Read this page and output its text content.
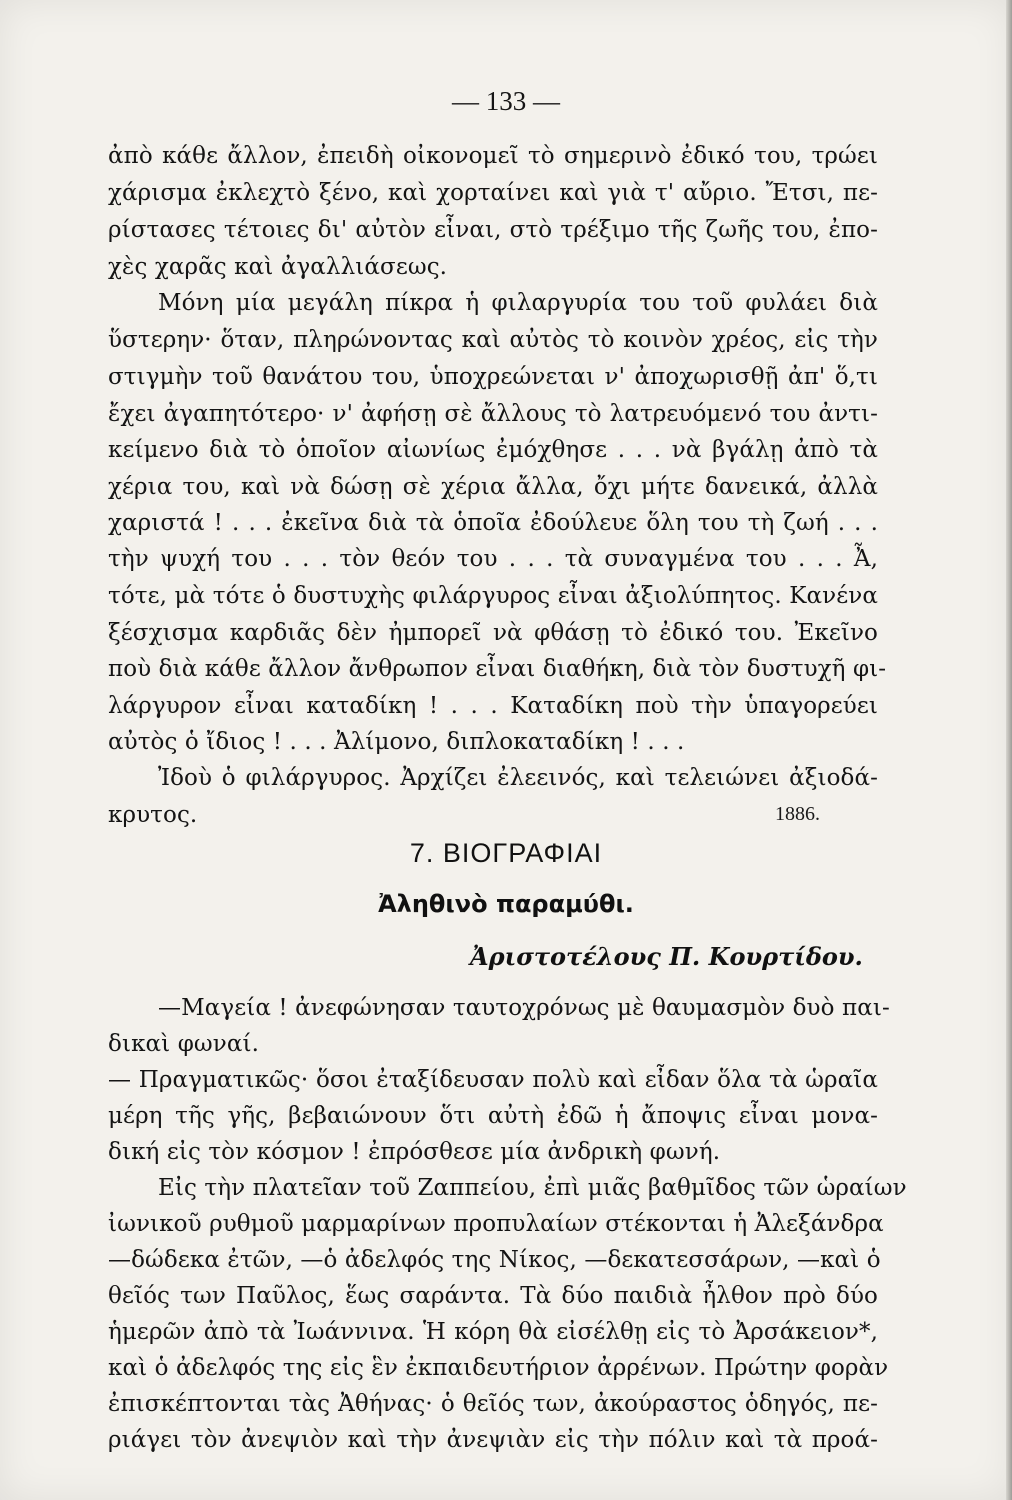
— 133 —
ἀπὸ κάθε ἄλλον, ἐπειδὴ οἰκονομεῖ τὸ σημερινὸ ἐδικό του, τρώει
χάρισμα ἐκλεχτὸ ξένο, καὶ χορταίνει καὶ γιὰ τ' αὔριο. Ἔτσι, πε-
ρίστασες τέτοιες δι' αὐτὸν εἶναι, στὸ τρέξιμο τῆς ζωῆς του, ἐπο-
χὲς χαρᾶς καὶ ἀγαλλιάσεως.
Μόνη μία μεγάλη πίκρα ἡ φιλαργυρία του τοῦ φυλάει διὰ
ὕστερην· ὅταν, πληρώνοντας καὶ αὐτὸς τὸ κοινὸν χρέος, εἰς τὴν
στιγμὴν τοῦ θανάτου του, ὑποχρεώνεται ν' ἀποχωρισθῇ ἀπ' ὅ,τι
ἔχει ἀγαπητότερο· ν' ἀφήσῃ σὲ ἄλλους τὸ λατρευόμενό του ἀντι-
κείμενο διὰ τὸ ὁποῖον αἰωνίως ἐμόχθησε . . . νὰ βγάλῃ ἀπὸ τὰ
χέρια του, καὶ νὰ δώσῃ σὲ χέρια ἄλλα, ὄχι μήτε δανεικά, ἀλλὰ
χαριστά ! . . . ἐκεῖνα διὰ τὰ ὁποῖα ἐδούλευε ὅλη του τὴ ζωή . . .
τὴν ψυχή του . . . τὸν θεόν του . . . τὰ συναγμένα του . . . Ἆ,
τότε, μὰ τότε ὁ δυστυχὴς φιλάργυρος εἶναι ἀξιολύπητος. Κανένα
ξέσχισμα καρδιᾶς δὲν ἠμπορεῖ νὰ φθάσῃ τὸ ἐδικό του. Ἐκεῖνο
ποὺ διὰ κάθε ἄλλον ἄνθρωπον εἶναι διαθήκη, διὰ τὸν δυστυχῆ φι-
λάργυρον εἶναι καταδίκη ! . . . Καταδίκη ποὺ τὴν ὑπαγορεύει
αὐτὸς ὁ ἴδιος ! . . . Ἀλίμονο, διπλοκαταδίκη ! . . .
Ἰδοὺ ὁ φιλάργυρος. Ἀρχίζει ἐλεεινός, καὶ τελειώνει ἀξιοδά-
κρυτος.	1886.
7. ΒΙΟΓΡΑΦΙΑΙ
Ἀληθινὸ παραμύθι.
Ἀριστοτέλους Π. Κουρτίδου.
—Μαγεία ! ἀνεφώνησαν ταυτοχρόνως μὲ θαυμασμὸν δυὸ παι-
δικαὶ φωναί.
— Πραγματικῶς· ὅσοι ἐταξίδευσαν πολὺ καὶ εἶδαν ὅλα τὰ ὡραῖα
μέρη τῆς γῆς, βεβαιώνουν ὅτι αὐτὴ ἐδῶ ἡ ἄποψις εἶναι μονα-
δική εἰς τὸν κόσμον ! ἐπρόσθεσε μία ἀνδρικὴ φωνή.
Εἰς τὴν πλατεῖαν τοῦ Ζαππείου, ἐπὶ μιᾶς βαθμῖδος τῶν ὡραίων
ἰωνικοῦ ρυθμοῦ μαρμαρίνων προπυλαίων στέκονται ἡ Ἀλεξάνδρα
—δώδεκα ἐτῶν, —ὁ ἀδελφός της Νίκος, —δεκατεσσάρων, —καὶ ὁ
θεῖός των Παῦλος, ἕως σαράντα. Τὰ δύο παιδιὰ ἦλθον πρὸ δύο
ἡμερῶν ἀπὸ τὰ Ἰωάννινα. Ἡ κόρη θὰ εἰσέλθῃ εἰς τὸ Ἀρσάκειον*,
καὶ ὁ ἀδελφός της εἰς ἓν ἐκπαιδευτήριον ἀρρένων. Πρώτην φορὰν
ἐπισκέπτονται τὰς Ἀθήνας· ὁ θεῖός των, ἀκούραστος ὁδηγός, πε-
ριάγει τὸν ἀνεψιὸν καὶ τὴν ἀνεψιὰν εἰς τὴν πόλιν καὶ τὰ προά-
